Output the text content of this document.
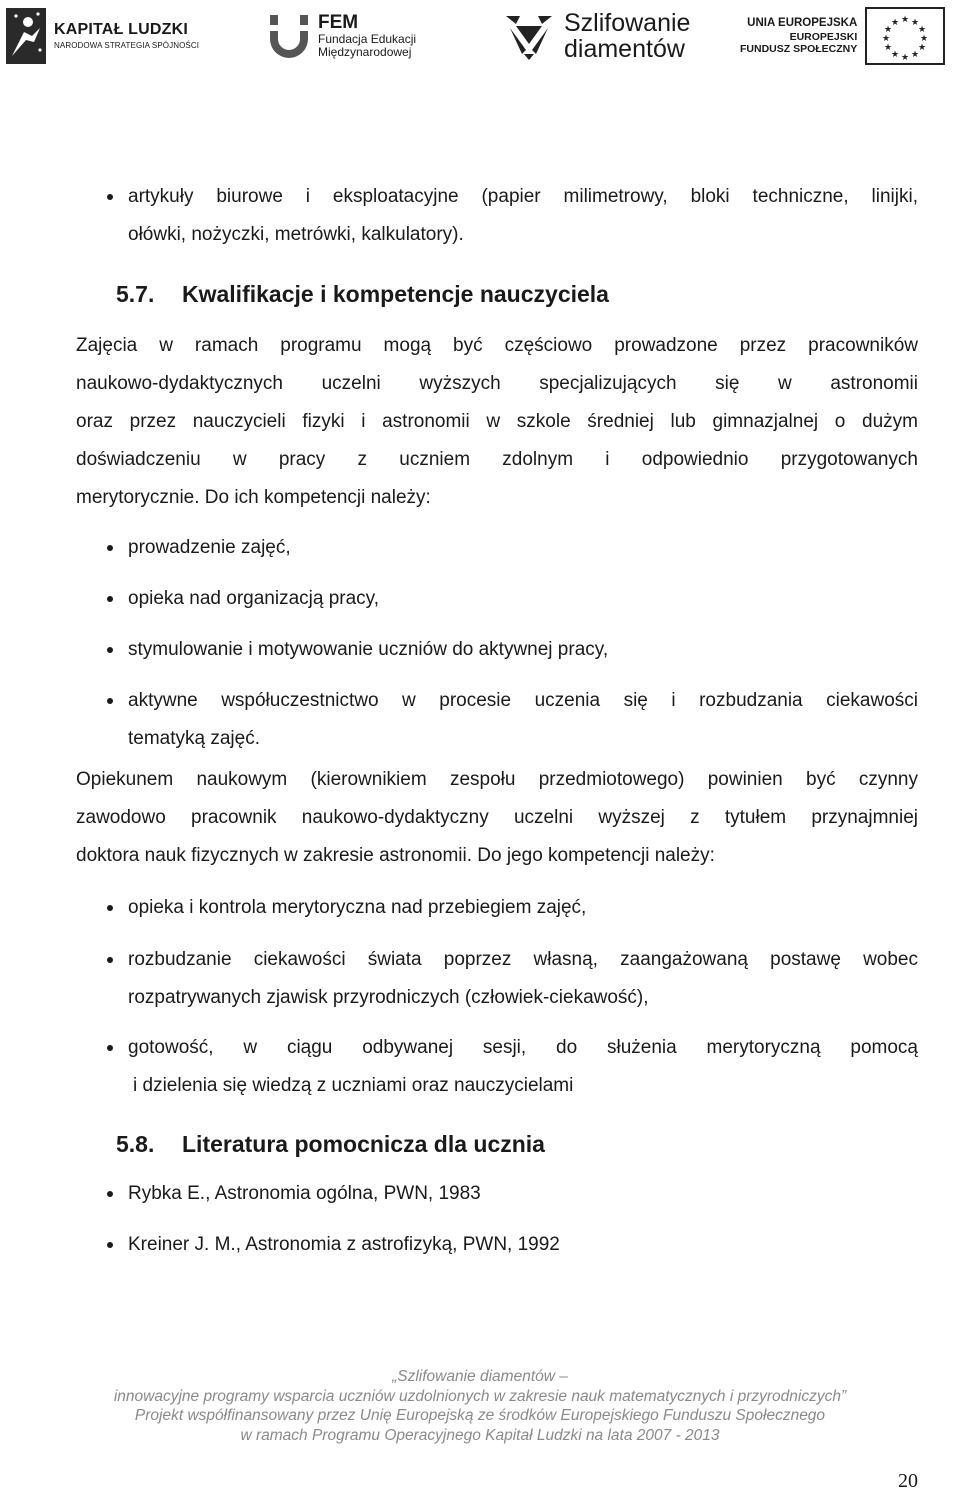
KAPITAŁ LUDZKI
NARODOWA STRATEGIA SPÓJNOŚCI
FEM
Fundacja Edukacji
Międzynarodowej
Szlifowanie
diamentów
UNIA EUROPEJSKA
EUROPEJSKI
FUNDUSZ SPOŁECZNY
★ ★
★
★
★
★
★
★
★
★
★
★
artykuły biurowe i eksploatacyjne (papier milimetrowy, bloki techniczne, linijki,
ołówki, nożyczki, metrówki, kalkulatory).
5.7. Kwalifikacje i kompetencje nauczyciela

Zajęcia w ramach programu mogą być częściowo prowadzone przez pracowników

naukowo-dydaktycznych uczelni wyższych specjalizujących się w astronomii

oraz przez nauczycieli fizyki i astronomii w szkole średniej lub gimnazjalnej o dużym

doświadczeniu w pracy z uczniem zdolnym i odpowiednio przygotowanych

merytorycznie. Do ich kompetencji należy:

prowadzenie zajęć,
opieka nad organizacją pracy,
stymulowanie i motywowanie uczniów do aktywnej pracy,
aktywne współuczestnictwo w procesie uczenia się i rozbudzania ciekawości
tematyką zajęć.

Opiekunem naukowym (kierownikiem zespołu przedmiotowego) powinien być czynny

zawodowo pracownik naukowo-dydaktyczny uczelni wyższej z tytułem przynajmniej

doktora nauk fizycznych w zakresie astronomii. Do jego kompetencji należy:

opieka i kontrola merytoryczna nad przebiegiem zajęć,
rozbudzanie ciekawości świata poprzez własną, zaangażowaną postawę wobec
rozpatrywanych zjawisk przyrodniczych (człowiek-ciekawość),
gotowość, w ciągu odbywanej sesji, do służenia merytoryczną pomocą
i dzielenia się wiedzą z uczniami oraz nauczycielami
5.8. Literatura pomocnicza dla ucznia
Rybka E., Astronomia ogólna, PWN, 1983
Kreiner J. M., Astronomia z astrofizyką, PWN, 1992
„Szlifowanie diamentów –
innowacyjne programy wsparcia uczniów uzdolnionych w zakresie nauk matematycznych i przyrodniczych”
Projekt współfinansowany przez Unię Europejską ze środków Europejskiego Funduszu Społecznego
w ramach Programu Operacyjnego Kapitał Ludzki na lata 2007 - 2013
20
